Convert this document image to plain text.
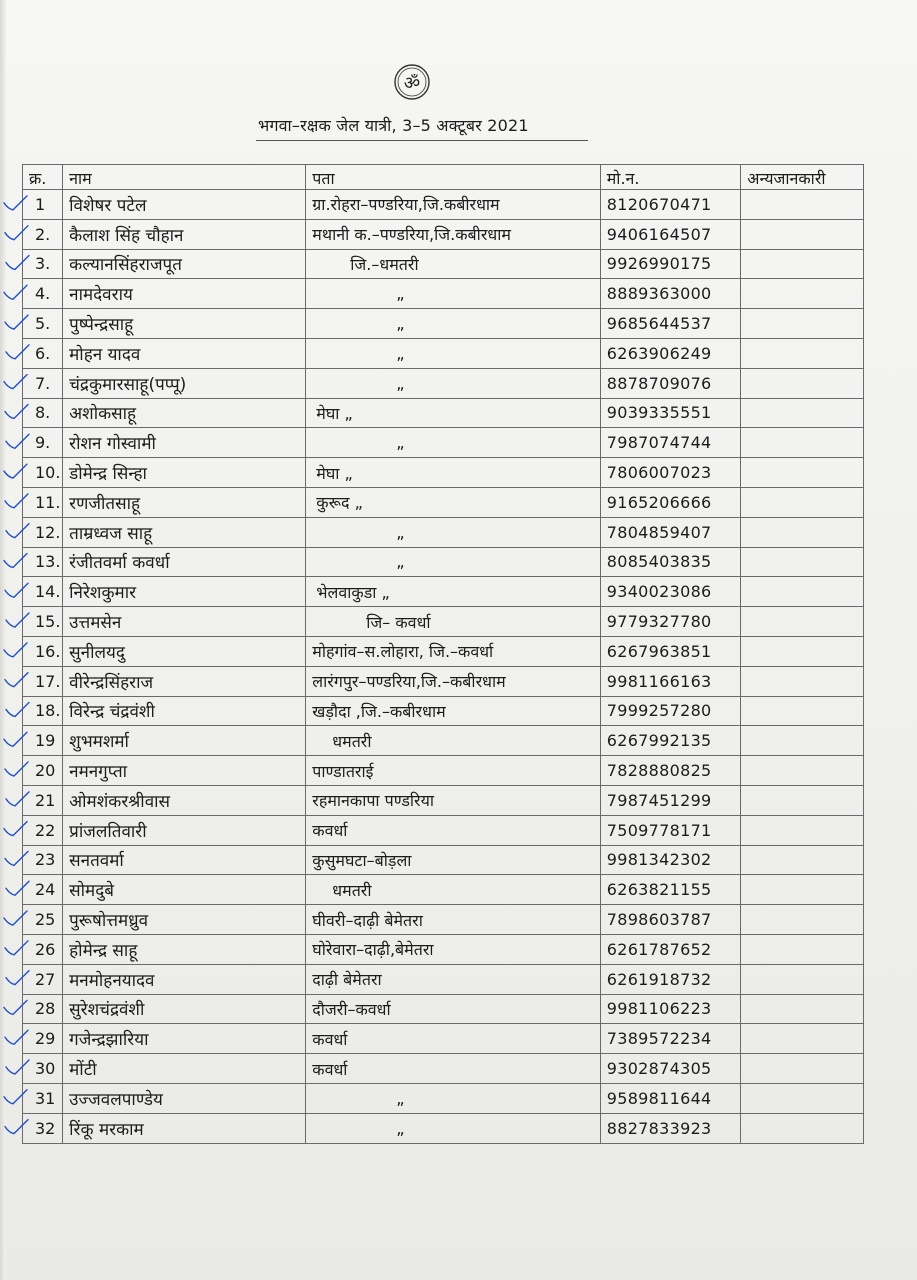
ॐ
भगवा–रक्षक जेल यात्री, 3–5 अक्टूबर 2021
क्र.	नाम	पता	मो.न.	अन्यजानकारी
1	विशेषर पटेल	ग्रा.रोहरा–पण्डरिया,जि.कबीरधाम	8120670471	
2.	कैलाश सिंह चौहान	मथानी क.–पण्डरिया,जि.कबीरधाम	9406164507	
3.	कल्यानसिंहराजपूत	जि.–धमतरी	9926990175	
4.	नामदेवराय	„	8889363000	
5.	पुष्पेन्द्रसाहू	„	9685644537	
6.	मोहन यादव	„	6263906249	
7.	चंद्रकुमारसाहू(पप्पू)	„	8878709076	
8.	अशोकसाहू	मेघा „	9039335551	
9.	रोशन गोस्वामी	„	7987074744	
10.	डोमेन्द्र सिन्हा	मेघा „	7806007023	
11.	रणजीतसाहू	कुरूद „	9165206666	
12.	ताम्रध्वज साहू	„	7804859407	
13.	रंजीतवर्मा कवर्धा	„	8085403835	
14.	निरेशकुमार	भेलवाकुडा „	9340023086	
15.	उत्तमसेन	जि– कवर्धा	9779327780	
16.	सुनीलयदु	मोहगांव–स.लोहारा, जि.–कवर्धा	6267963851	
17.	वीरेन्द्रसिंहराज	लारंगपुर–पण्डरिया,जि.–कबीरधाम	9981166163	
18.	विरेन्द्र चंद्रवंशी	खड़ौदा ,जि.–कबीरधाम	7999257280	
19	शुभमशर्मा	धमतरी	6267992135	
20	नमनगुप्ता	पाण्डातराई	7828880825	
21	ओमशंकरश्रीवास	रहमानकापा पण्डरिया	7987451299	
22	प्रांजलतिवारी	कवर्धा	7509778171	
23	सनतवर्मा	कुसुमघटा–बोड़ला	9981342302	
24	सोमदुबे	धमतरी	6263821155	
25	पुरूषोत्तमध्रुव	घीवरी–दाढ़ी बेमेतरा	7898603787	
26	होमेन्द्र साहू	घोरेवारा–दाढ़ी,बेमेतरा	6261787652	
27	मनमोहनयादव	दाढ़ी बेमेतरा	6261918732	
28	सुरेशचंद्रवंशी	दौजरी–कवर्धा	9981106223	
29	गजेन्द्रझारिया	कवर्धा	7389572234	
30	मोंटी	कवर्धा	9302874305	
31	उज्जवलपाण्डेय	„	9589811644	
32	रिंकू मरकाम	„	8827833923	
